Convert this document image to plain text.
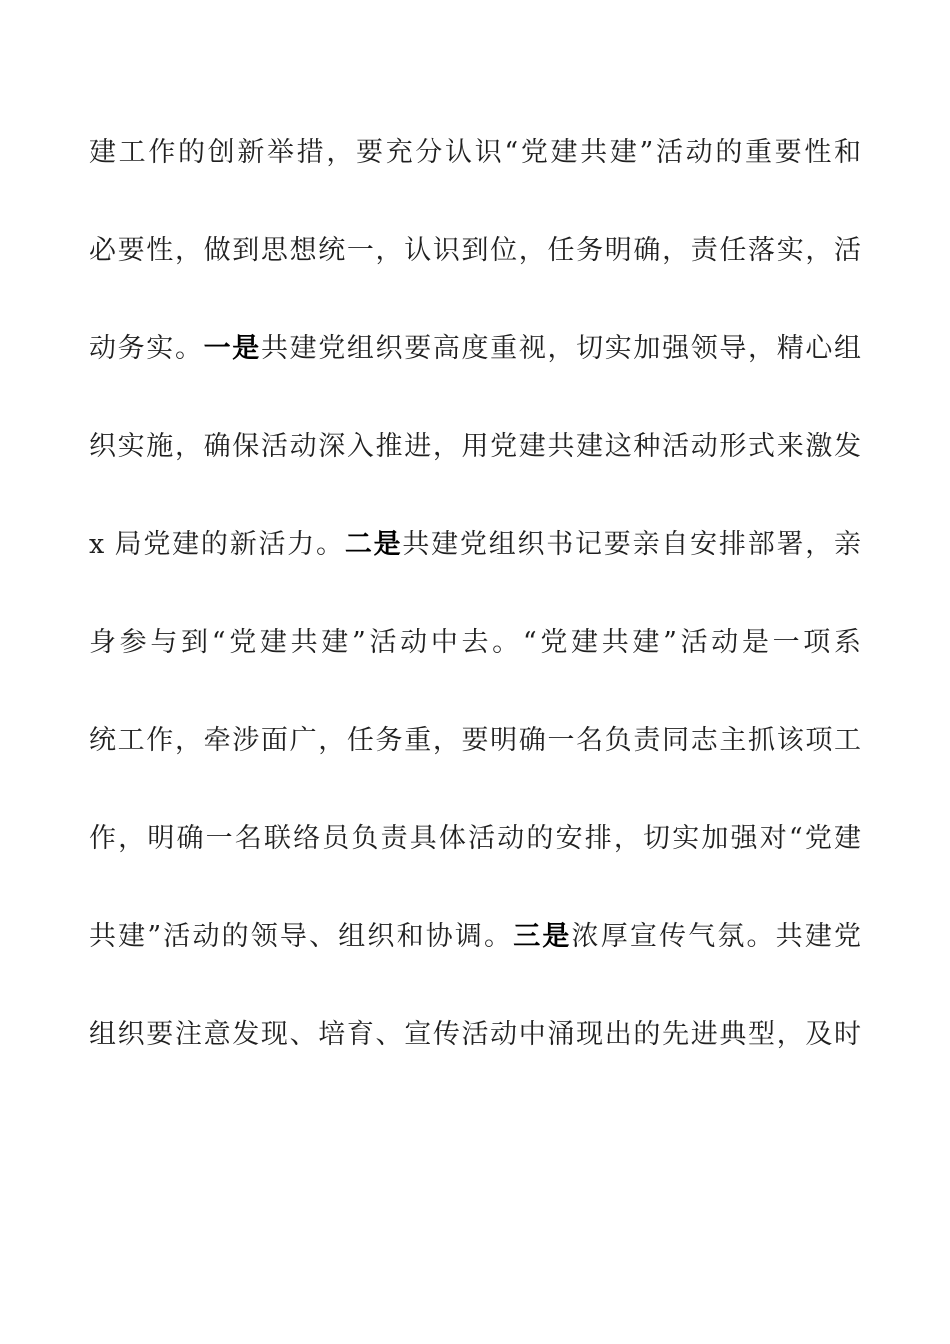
建工作的创新举措，要充分认识“党建共建”活动的重要性和
必要性，做到思想统一，认识到位，任务明确，责任落实，活
动务实。一是共建党组织要高度重视，切实加强领导，精心组
织实施，确保活动深入推进，用党建共建这种活动形式来激发
x 局党建的新活力。二是共建党组织书记要亲自安排部署，亲
身参与到“党建共建”活动中去。“党建共建”活动是一项系
统工作，牵涉面广，任务重，要明确一名负责同志主抓该项工
作，明确一名联络员负责具体活动的安排，切实加强对“党建
共建”活动的领导、组织和协调。三是浓厚宣传气氛。共建党
组织要注意发现、培育、宣传活动中涌现出的先进典型，及时
